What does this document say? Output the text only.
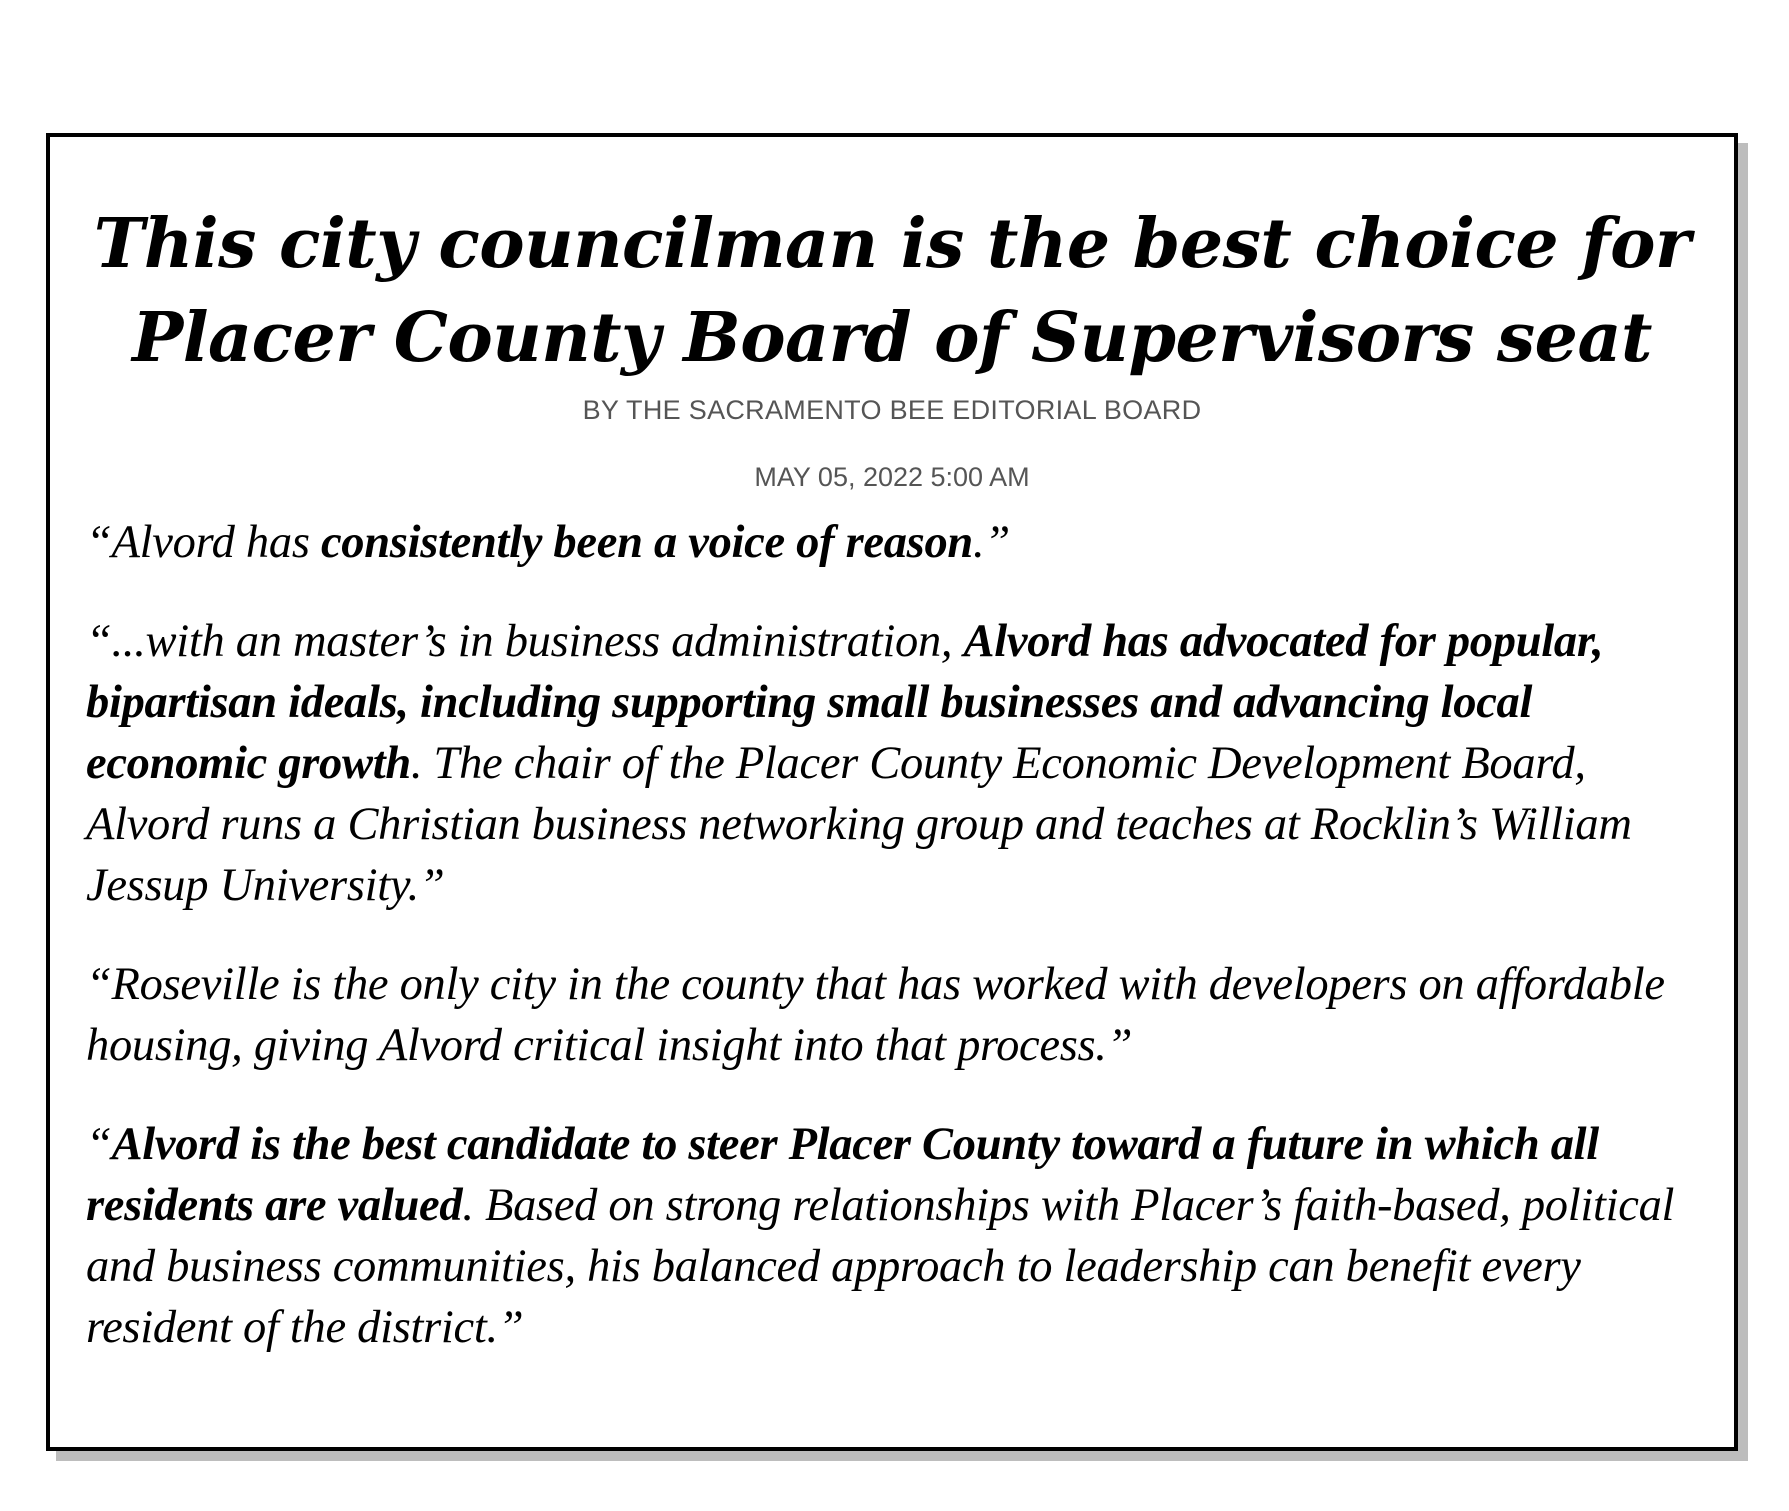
This city councilman is the best choice for
Placer County Board of Supervisors seat
BY THE SACRAMENTO BEE EDITORIAL BOARD
MAY 05, 2022 5:00 AM

“Alvord has consistently been a voice of reason.”

“...with an master’s in business administration, Alvord has advocated for popular, bipartisan ideals, including supporting small businesses and advancing local economic growth. The chair of the Placer County Economic Development Board, Alvord runs a Christian business networking group and teaches at Rocklin’s William Jessup University.”

“Roseville is the only city in the county that has worked with developers on affordable housing, giving Alvord critical insight into that process.”

“Alvord is the best candidate to steer Placer County toward a future in which all residents are valued. Based on strong relationships with Placer’s faith-based, political and business communities, his balanced approach to leadership can benefit every resident of the district.”
